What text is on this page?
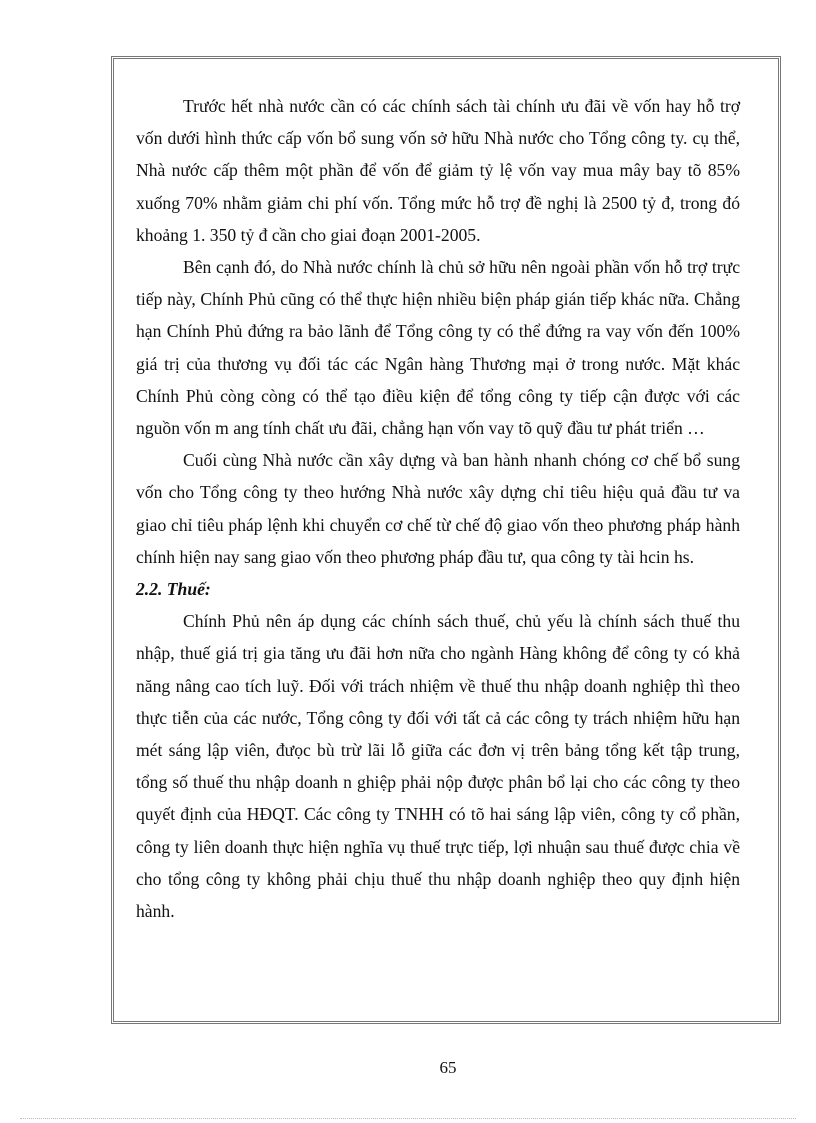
Trước hết nhà nước cần có các chính sách tài chính ưu đãi về vốn hay hỗ trợ vốn dưới hình thức cấp vốn bổ sung vốn sở hữu Nhà nước cho Tổng công ty. cụ thể, Nhà nước cấp thêm một phần để vốn để giảm tỷ lệ vốn vay mua mây bay tõ 85% xuống 70% nhằm giảm chi phí vốn. Tổng mức hỗ trợ đề nghị là 2500 tỷ đ, trong đó khoảng 1. 350 tỷ đ cần cho giai đoạn 2001-2005.

Bên cạnh đó, do Nhà nước chính là chủ sở hữu nên ngoài phần vốn hỗ trợ trực tiếp này, Chính Phủ cũng có thể thực hiện nhiều biện pháp gián tiếp khác nữa. Chẳng hạn Chính Phủ đứng ra bảo lãnh để Tổng công ty có thể đứng ra vay vốn đến 100% giá trị của thương vụ đối tác các Ngân hàng Thương mại ở trong nước. Mặt khác Chính Phủ còng còng có thể tạo điều kiện để tổng công ty tiếp cận được với các nguồn vốn m ang tính chất ưu đãi, chẳng hạn vốn vay tõ quỹ đầu tư phát triển …

Cuối cùng Nhà nước cần xây dựng và ban hành nhanh chóng cơ chế bổ sung vốn cho Tổng công ty theo hướng Nhà nước xây dựng chỉ tiêu hiệu quả đầu tư va giao chỉ tiêu pháp lệnh khi chuyển cơ chế từ chế độ giao vốn theo phương pháp hành chính hiện nay sang giao vốn theo phương pháp đầu tư, qua công ty tài hcin hs.

2.2. Thuế:

Chính Phủ nên áp dụng các chính sách thuế, chủ yếu là chính sách thuế thu nhập, thuế giá trị gia tăng ưu đãi hơn nữa cho ngành Hàng không để công ty có khả năng nâng cao tích luỹ. Đối với trách nhiệm về thuế thu nhập doanh nghiệp thì theo thực tiễn của các nước, Tổng công ty đối với tất cả các công ty trách nhiệm hữu hạn mét sáng lập viên, đưọc bù trừ lãi lỗ giữa các đơn vị trên bảng tổng kết tập trung, tổng số thuế thu nhập doanh n ghiệp phải nộp được phân bổ lại cho các công ty theo quyết định của HĐQT. Các công ty TNHH có tõ hai sáng lập viên, công ty cổ phần, công ty liên doanh thực hiện nghĩa vụ thuế trực tiếp, lợi nhuận sau thuế được chia về cho tổng công ty không phải chịu thuế thu nhập doanh nghiệp theo quy định hiện hành.

65
